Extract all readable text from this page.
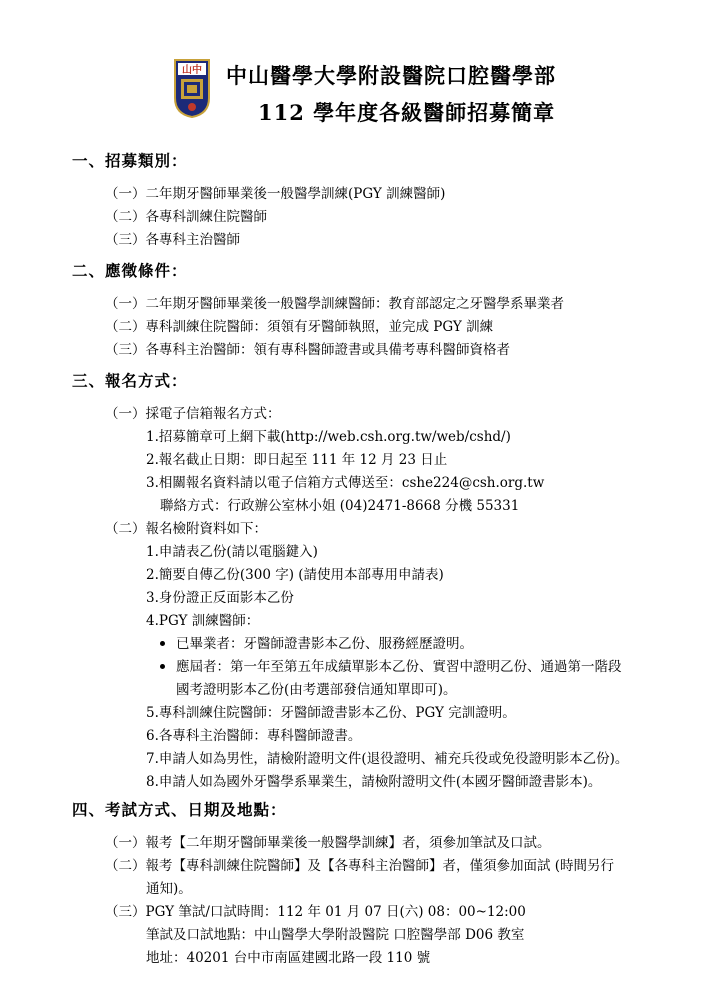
山中 中山醫學大學附設醫院口腔醫學部
112 學年度各級醫師招募簡章
一、招募類別：
（一）二年期牙醫師畢業後一般醫學訓練(PGY 訓練醫師)
（二）各專科訓練住院醫師
（三）各專科主治醫師
二、應徵條件：
（一）二年期牙醫師畢業後一般醫學訓練醫師：教育部認定之牙醫學系畢業者
（二）專科訓練住院醫師：須領有牙醫師執照，並完成 PGY 訓練
（三）各專科主治醫師：領有專科醫師證書或具備考專科醫師資格者
三、報名方式：
（一）採電子信箱報名方式：
1.招募簡章可上網下載(http://web.csh.org.tw/web/cshd/)
2.報名截止日期：即日起至 111 年 12 月 23 日止
3.相關報名資料請以電子信箱方式傳送至：cshe224@csh.org.tw
聯絡方式：行政辦公室林小姐 (04)2471-8668 分機 55331
（二）報名檢附資料如下：
1.申請表乙份(請以電腦鍵入)
2.簡要自傳乙份(300 字) (請使用本部專用申請表)
3.身份證正反面影本乙份
4.PGY 訓練醫師：
已畢業者：牙醫師證書影本乙份、服務經歷證明。
應屆者：第一年至第五年成績單影本乙份、實習中證明乙份、通過第一階段
國考證明影本乙份(由考選部發信通知單即可)。
5.專科訓練住院醫師：牙醫師證書影本乙份、PGY 完訓證明。
6.各專科主治醫師：專科醫師證書。
7.申請人如為男性，請檢附證明文件(退役證明、補充兵役或免役證明影本乙份)。
8.申請人如為國外牙醫學系畢業生，請檢附證明文件(本國牙醫師證書影本)。
四、考試方式、日期及地點：
（一）報考【二年期牙醫師畢業後一般醫學訓練】者，須參加筆試及口試。
（二）報考【專科訓練住院醫師】及【各專科主治醫師】者，僅須參加面試 (時間另行
通知)。
（三）PGY 筆試/口試時間：112 年 01 月 07 日(六) 08：00~12:00
筆試及口試地點：中山醫學大學附設醫院 口腔醫學部 D06 教室
地址：40201 台中市南區建國北路一段 110 號
